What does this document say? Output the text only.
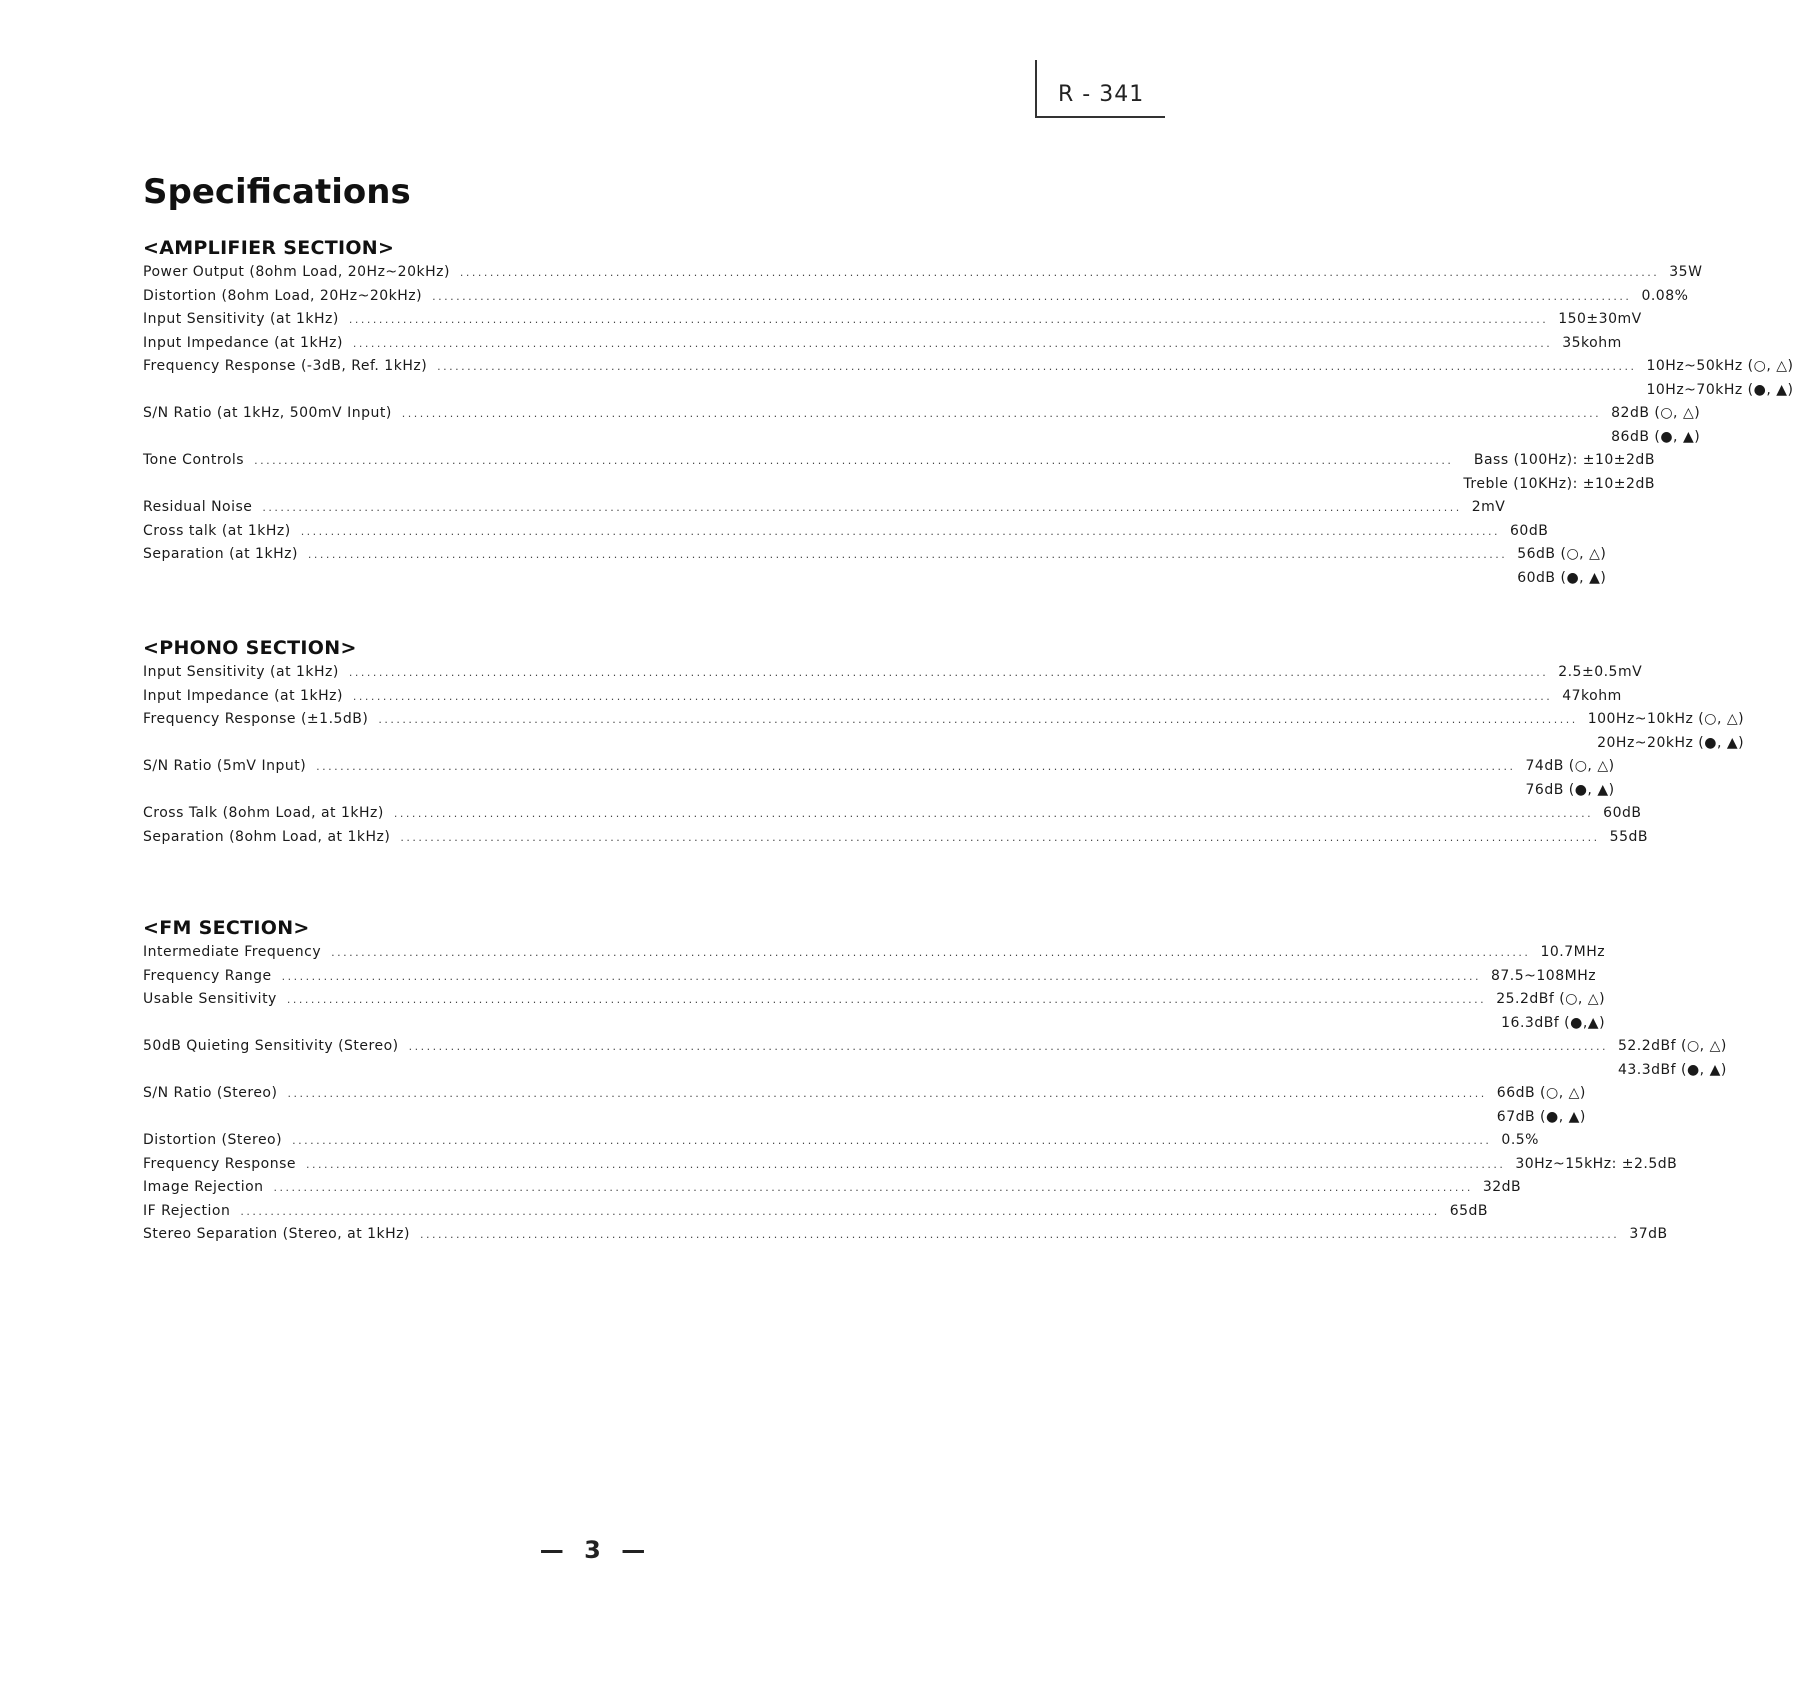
R - 341
Specifications
<AMPLIFIER SECTION>
Power Output (8ohm Load, 20Hz~20kHz) ........................................................................................................................................................................................................ 35W
Distortion (8ohm Load, 20Hz~20kHz) ........................................................................................................................................................................................................ 0.08%
Input Sensitivity (at 1kHz) ........................................................................................................................................................................................................ 150±30mV
Input Impedance (at 1kHz) ........................................................................................................................................................................................................ 35kohm
Frequency Response (-3dB, Ref. 1kHz) ........................................................................................................................................................................................................ 10Hz~50kHz (○, △)
10Hz~70kHz (●, ▲)
S/N Ratio (at 1kHz, 500mV Input) ........................................................................................................................................................................................................ 82dB (○, △)
86dB (●, ▲)
Tone Controls ........................................................................................................................................................................................................	Bass (100Hz): ±10±2dB
Treble (10KHz): ±10±2dB
Residual Noise ........................................................................................................................................................................................................ 2mV
Cross talk (at 1kHz) ........................................................................................................................................................................................................ 60dB
Separation (at 1kHz) ........................................................................................................................................................................................................ 56dB (○, △)
60dB (●, ▲)
<PHONO SECTION>
Input Sensitivity (at 1kHz) ........................................................................................................................................................................................................ 2.5±0.5mV
Input Impedance (at 1kHz) ........................................................................................................................................................................................................ 47kohm
Frequency Response (±1.5dB) ........................................................................................................................................................................................................ 100Hz~10kHz (○, △)
20Hz~20kHz (●, ▲)
S/N Ratio (5mV Input) ........................................................................................................................................................................................................ 74dB (○, △)
76dB (●, ▲)
Cross Talk (8ohm Load, at 1kHz) ........................................................................................................................................................................................................ 60dB
Separation (8ohm Load, at 1kHz) ........................................................................................................................................................................................................ 55dB
<FM SECTION>
Intermediate Frequency ........................................................................................................................................................................................................ 10.7MHz
Frequency Range ........................................................................................................................................................................................................ 87.5~108MHz
Usable Sensitivity ........................................................................................................................................................................................................ 25.2dBf (○, △)
16.3dBf (●,▲)
50dB Quieting Sensitivity (Stereo) ........................................................................................................................................................................................................ 52.2dBf (○, △)
43.3dBf (●, ▲)
S/N Ratio (Stereo) ........................................................................................................................................................................................................ 66dB (○, △)
67dB (●, ▲)
Distortion (Stereo) ........................................................................................................................................................................................................ 0.5%
Frequency Response ........................................................................................................................................................................................................ 30Hz~15kHz: ±2.5dB
Image Rejection ........................................................................................................................................................................................................ 32dB
IF Rejection ........................................................................................................................................................................................................ 65dB
Stereo Separation (Stereo, at 1kHz) ........................................................................................................................................................................................................ 37dB
— 3 —
